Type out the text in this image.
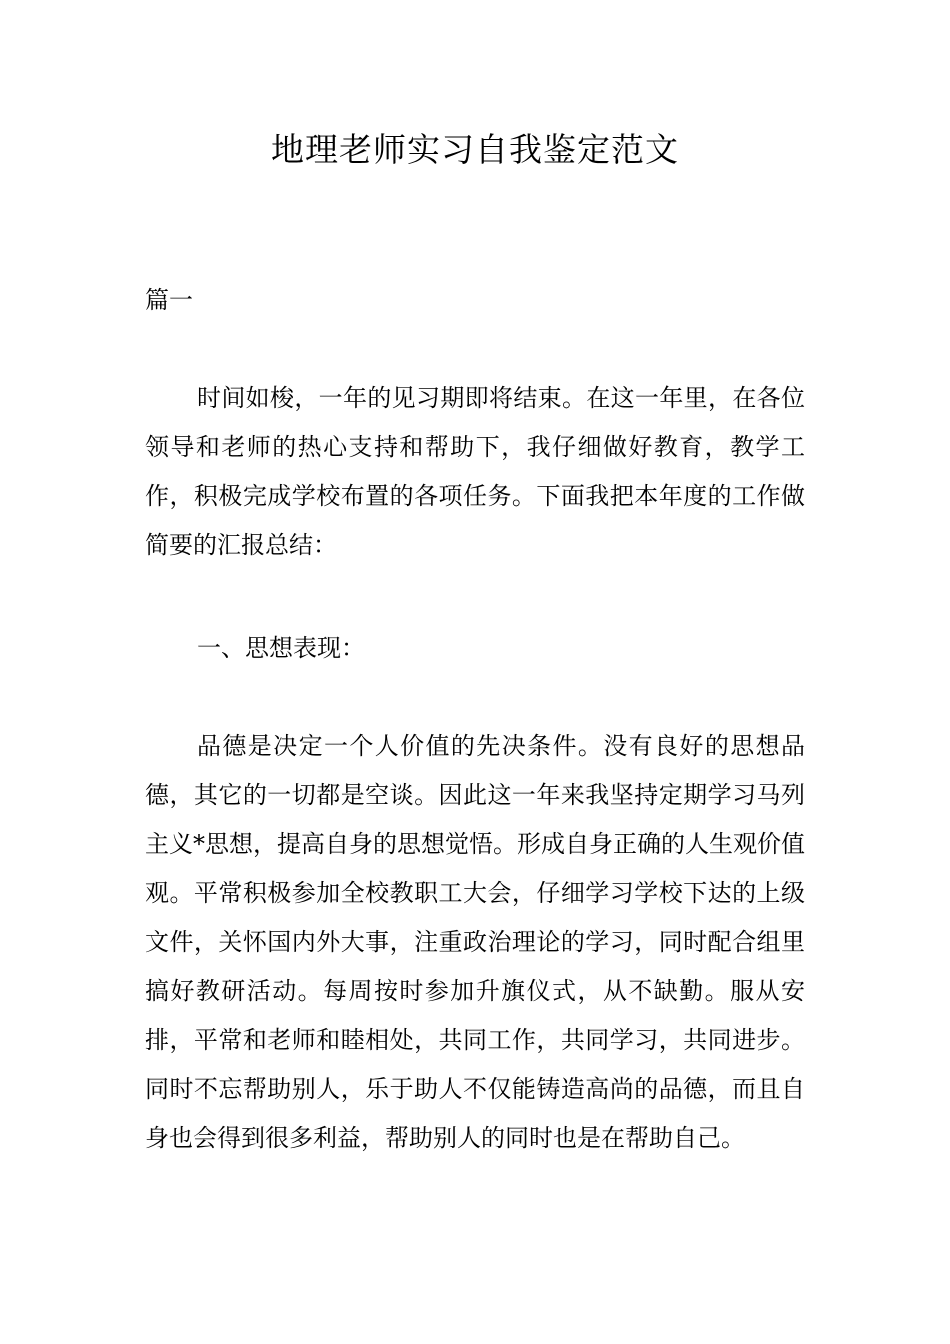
地理老师实习自我鉴定范文

篇一

时间如梭，一年的见习期即将结束。在这一年里，在各位领导和老师的热心支持和帮助下，我仔细做好教育，教学工作，积极完成学校布置的各项任务。下面我把本年度的工作做简要的汇报总结：

一、思想表现：

品德是决定一个人价值的先决条件。没有良好的思想品德，其它的一切都是空谈。因此这一年来我坚持定期学习马列主义*思想，提高自身的思想觉悟。形成自身正确的人生观价值观。平常积极参加全校教职工大会，仔细学习学校下达的上级文件，关怀国内外大事，注重政治理论的学习，同时配合组里搞好教研活动。每周按时参加升旗仪式，从不缺勤。服从安排，平常和老师和睦相处，共同工作，共同学习，共同进步。同时不忘帮助别人，乐于助人不仅能铸造高尚的品德，而且自身也会得到很多利益，帮助别人的同时也是在帮助自己。
